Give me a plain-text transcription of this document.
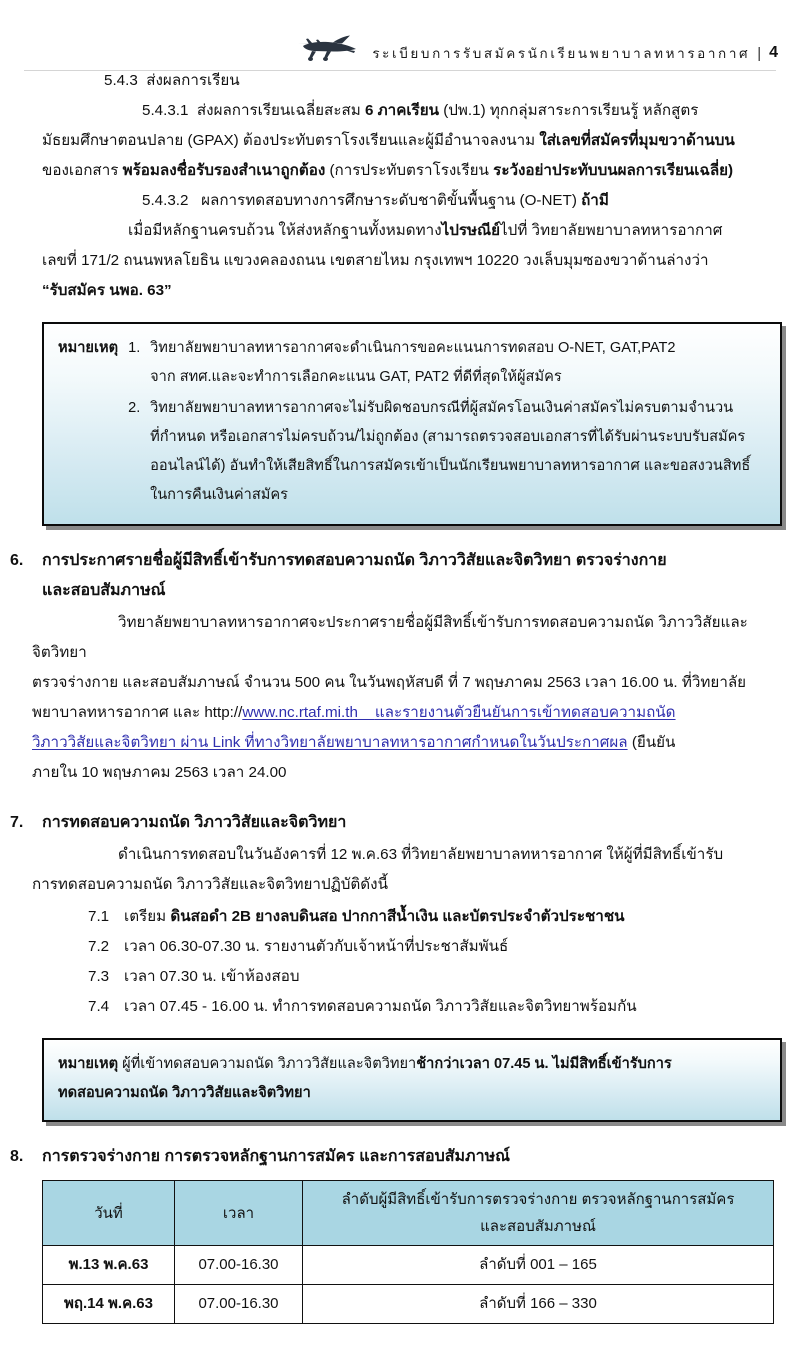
ระเบียบการรับสมัครนักเรียนพยาบาลทหารอากาศ | 4

5.4.3 ส่งผลการเรียน

5.4.3.1 ส่งผลการเรียนเฉลี่ยสะสม 6 ภาคเรียน (ปพ.1) ทุกกลุ่มสาระการเรียนรู้ หลักสูตร

มัธยมศึกษาตอนปลาย (GPAX) ต้องประทับตราโรงเรียนและผู้มีอำนาจลงนาม ใส่เลขที่สมัครที่มุมขวาด้านบน

ของเอกสาร พร้อมลงชื่อรับรองสำเนาถูกต้อง (การประทับตราโรงเรียน ระวังอย่าประทับบนผลการเรียนเฉลี่ย)

5.4.3.2 ผลการทดสอบทางการศึกษาระดับชาติขั้นพื้นฐาน (O-NET) ถ้ามี

เมื่อมีหลักฐานครบถ้วน ให้ส่งหลักฐานทั้งหมดทางไปรษณีย์ไปที่ วิทยาลัยพยาบาลทหารอากาศ

เลขที่ 171/2 ถนนพหลโยธิน แขวงคลองถนน เขตสายไหม กรุงเทพฯ 10220 วงเล็บมุมซองขวาด้านล่างว่า

“รับสมัคร นพอ. 63”

หมายเหตุ	วิทยาลัยพยาบาลทหารอากาศจะดำเนินการขอคะแนนการทดสอบ O-NET, GAT,PAT2
จาก สทศ.และจะทำการเลือกคะแนน GAT, PAT2 ที่ดีที่สุดให้ผู้สมัคร
วิทยาลัยพยาบาลทหารอากาศจะไม่รับผิดชอบกรณีที่ผู้สมัครโอนเงินค่าสมัครไม่ครบตามจำนวน
ที่กำหนด หรือเอกสารไม่ครบถ้วน/ไม่ถูกต้อง (สามารถตรวจสอบเอกสารที่ได้รับผ่านระบบรับสมัคร
ออนไลน์ได้) อันทำให้เสียสิทธิ์ในการสมัครเข้าเป็นนักเรียนพยาบาลทหารอากาศ และขอสงวนสิทธิ์
ในการคืนเงินค่าสมัคร
6.	การประกาศรายชื่อผู้มีสิทธิ์เข้ารับการทดสอบความถนัด วิภาววิสัยและจิตวิทยา ตรวจร่างกาย
และสอบสัมภาษณ์

วิทยาลัยพยาบาลทหารอากาศจะประกาศรายชื่อผู้มีสิทธิ์เข้ารับการทดสอบความถนัด วิภาววิสัยและจิตวิทยา

ตรวจร่างกาย และสอบสัมภาษณ์ จำนวน 500 คน ในวันพฤหัสบดี ที่ 7 พฤษภาคม 2563 เวลา 16.00 น. ที่วิทยาลัย

พยาบาลทหารอากาศ และ http://www.nc.rtaf.mi.th และรายงานตัวยืนยันการเข้าทดสอบความถนัด

วิภาววิสัยและจิตวิทยา ผ่าน Link ที่ทางวิทยาลัยพยาบาลทหารอากาศกำหนดในวันประกาศผล (ยืนยัน

ภายใน 10 พฤษภาคม 2563 เวลา 24.00

7.	การทดสอบความถนัด วิภาววิสัยและจิตวิทยา

ดำเนินการทดสอบในวันอังคารที่ 12 พ.ค.63 ที่วิทยาลัยพยาบาลทหารอากาศ ให้ผู้ที่มีสิทธิ์เข้ารับ

การทดสอบความถนัด วิภาววิสัยและจิตวิทยาปฏิบัติดังนี้

7.1 เตรียม ดินสอดำ 2B ยางลบดินสอ ปากกาสีน้ำเงิน และบัตรประจำตัวประชาชน
7.2 เวลา 06.30-07.30 น. รายงานตัวกับเจ้าหน้าที่ประชาสัมพันธ์
7.3 เวลา 07.30 น. เข้าห้องสอบ
7.4 เวลา 07.45 - 16.00 น. ทำการทดสอบความถนัด วิภาววิสัยและจิตวิทยาพร้อมกัน
หมายเหตุ ผู้ที่เข้าทดสอบความถนัด วิภาววิสัยและจิตวิทยาช้ากว่าเวลา 07.45 น. ไม่มีสิทธิ์เข้ารับการ
ทดสอบความถนัด วิภาววิสัยและจิตวิทยา
8.	การตรวจร่างกาย การตรวจหลักฐานการสมัคร และการสอบสัมภาษณ์
วันที่	เวลา	ลำดับผู้มีสิทธิ์เข้ารับการตรวจร่างกาย ตรวจหลักฐานการสมัคร
และสอบสัมภาษณ์

พ.13 พ.ค.63	07.00-16.30	ลำดับที่ 001 – 165
พฤ.14 พ.ค.63	07.00-16.30	ลำดับที่ 166 – 330
